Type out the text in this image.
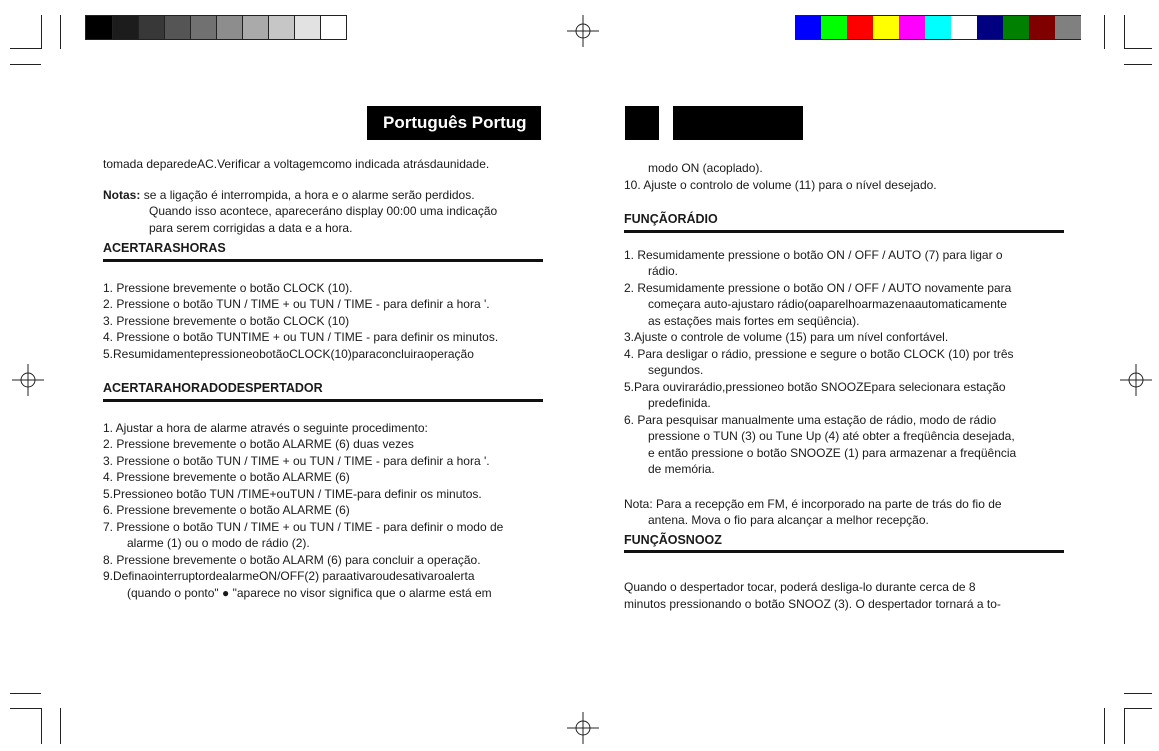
Português Portug

tomada deparedeAC.Verificar a voltagemcomo indicada atrásdaunidade.

Notas: se a ligação é interrompida, a hora e o alarme serão perdidos.

Quando isso acontece, apareceráno display 00:00 uma indicação

para serem corrigidas a data e a hora.

ACERTARASHORAS

1. Pressione brevemente o botão CLOCK (10).

2. Pressione o botão TUN / TIME + ou TUN / TIME - para definir a hora '.

3. Pressione brevemente o botão CLOCK (10)

4. Pressione o botão TUNTIME + ou TUN / TIME - para definir os minutos.

5.ResumidamentepressioneobotãoCLOCK(10)paraconcluiraoperação

ACERTARAHORADODESPERTADOR

1. Ajustar a hora de alarme através o seguinte procedimento:

2. Pressione brevemente o botão ALARME (6) duas vezes

3. Pressione o botão TUN / TIME + ou TUN / TIME - para definir a hora '.

4. Pressione brevemente o botão ALARME (6)

5.Pressioneo botão TUN /TIME+ouTUN / TIME-para definir os minutos.

6. Pressione brevemente o botão ALARME (6)

7. Pressione o botão TUN / TIME + ou TUN / TIME - para definir o modo de

alarme (1) ou o modo de rádio (2).

8. Pressione brevemente o botão ALARM (6) para concluir a operação.

9.DefinaointerruptordealarmeON/OFF(2) paraativaroudesativaroalerta

(quando o ponto" ● "aparece no visor significa que o alarme está em

modo ON (acoplado).

10. Ajuste o controlo de volume (11) para o nível desejado.

FUNÇÃORÁDIO

1. Resumidamente pressione o botão ON / OFF / AUTO (7) para ligar o

rádio.

2. Resumidamente pressione o botão ON / OFF / AUTO novamente para

começara auto-ajustaro rádio(oaparelhoarmazenaautomaticamente

as estações mais fortes em seqüência).

3.Ajuste o controle de volume (15) para um nível confortável.

4. Para desligar o rádio, pressione e segure o botão CLOCK (10) por três

segundos.

5.Para ouvirarádio,pressioneo botão SNOOZEpara selecionara estação

predefinida.

6. Para pesquisar manualmente uma estação de rádio, modo de rádio

pressione o TUN (3) ou Tune Up (4) até obter a freqüência desejada,

e então pressione o botão SNOOZE (1) para armazenar a freqüência

de memória.

Nota: Para a recepção em FM, é incorporado na parte de trás do fio de

antena. Mova o fio para alcançar a melhor recepção.

FUNÇÃOSNOOZ

Quando o despertador tocar, poderá desliga-lo durante cerca de 8

minutos pressionando o botão SNOOZ (3). O despertador tornará a to-
